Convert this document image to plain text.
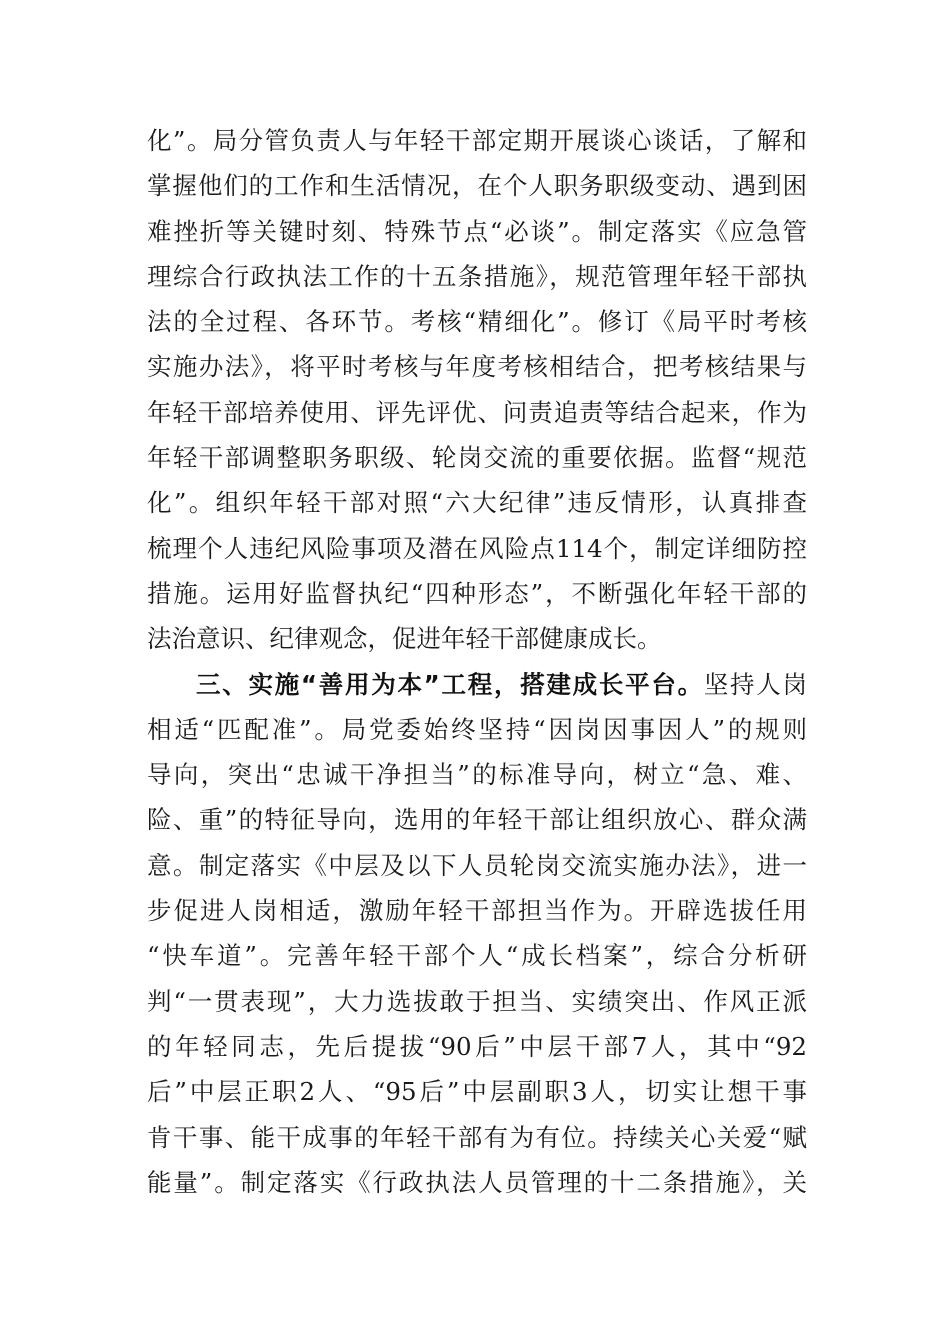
化”。局分管负责人与年轻干部定期开展谈心谈话，了解和
掌握他们的工作和生活情况，在个人职务职级变动、遇到困
难挫折等关键时刻、特殊节点“必谈”。制定落实《应急管
理综合行政执法工作的十五条措施》，规范管理年轻干部执
法的全过程、各环节。考核“精细化”。修订《局平时考核
实施办法》，将平时考核与年度考核相结合，把考核结果与
年轻干部培养使用、评先评优、问责追责等结合起来，作为
年轻干部调整职务职级、轮岗交流的重要依据。监督“规范
化”。组织年轻干部对照“六大纪律”违反情形，认真排查
梳理个人违纪风险事项及潜在风险点114个，制定详细防控
措施。运用好监督执纪“四种形态”，不断强化年轻干部的
法治意识、纪律观念，促进年轻干部健康成长。
三、实施“善用为本”工程，搭建成长平台。坚持人岗
相适“匹配准”。局党委始终坚持“因岗因事因人”的规则
导向，突出“忠诚干净担当”的标准导向，树立“急、难、
险、重”的特征导向，选用的年轻干部让组织放心、群众满
意。制定落实《中层及以下人员轮岗交流实施办法》，进一
步促进人岗相适，激励年轻干部担当作为。开辟选拔任用
“快车道”。完善年轻干部个人“成长档案”，综合分析研
判“一贯表现”，大力选拔敢于担当、实绩突出、作风正派
的年轻同志，先后提拔“90后”中层干部7人，其中“92
后”中层正职2人、“95后”中层副职3人，切实让想干事
肯干事、能干成事的年轻干部有为有位。持续关心关爱“赋
能量”。制定落实《行政执法人员管理的十二条措施》，关
